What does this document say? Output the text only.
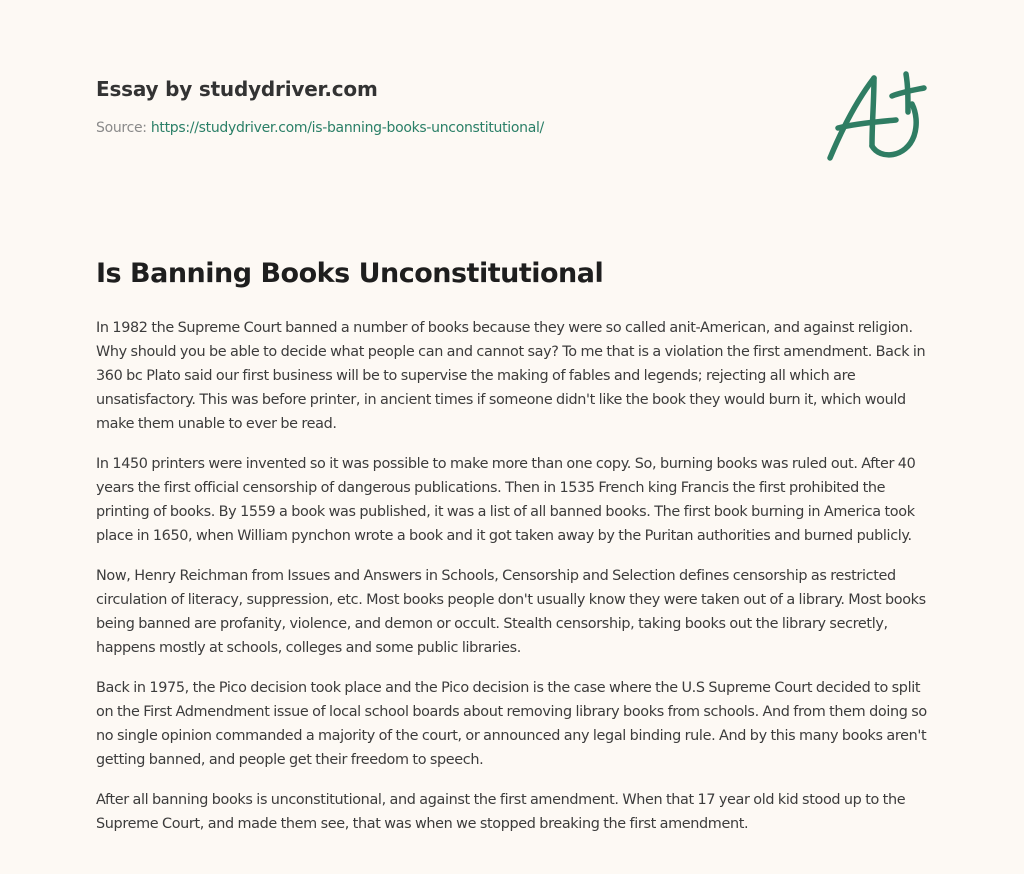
Essay by studydriver.com
Source: https://studydriver.com/is-banning-books-unconstitutional/
Is Banning Books Unconstitutional

In 1982 the Supreme Court banned a number of books because they were so called anit-American, and against religion. Why should you be able to decide what people can and cannot say? To me that is a violation the first amendment. Back in 360 bc Plato said our first business will be to supervise the making of fables and legends; rejecting all which are unsatisfactory. This was before printer, in ancient times if someone didn't like the book they would burn it, which would make them unable to ever be read.

In 1450 printers were invented so it was possible to make more than one copy. So, burning books was ruled out. After 40 years the first official censorship of dangerous publications. Then in 1535 French king Francis the first prohibited the printing of books. By 1559 a book was published, it was a list of all banned books. The first book burning in America took place in 1650, when William pynchon wrote a book and it got taken away by the Puritan authorities and burned publicly.

Now, Henry Reichman from Issues and Answers in Schools, Censorship and Selection defines censorship as restricted circulation of literacy, suppression, etc. Most books people don't usually know they were taken out of a library. Most books being banned are profanity, violence, and demon or occult. Stealth censorship, taking books out the library secretly, happens mostly at schools, colleges and some public libraries.

Back in 1975, the Pico decision took place and the Pico decision is the case where the U.S Supreme Court decided to split on the First Admendment issue of local school boards about removing library books from schools. And from them doing so no single opinion commanded a majority of the court, or announced any legal binding rule. And by this many books aren't getting banned, and people get their freedom to speech.

After all banning books is unconstitutional, and against the first amendment. When that 17 year old kid stood up to the Supreme Court, and made them see, that was when we stopped breaking the first amendment.
